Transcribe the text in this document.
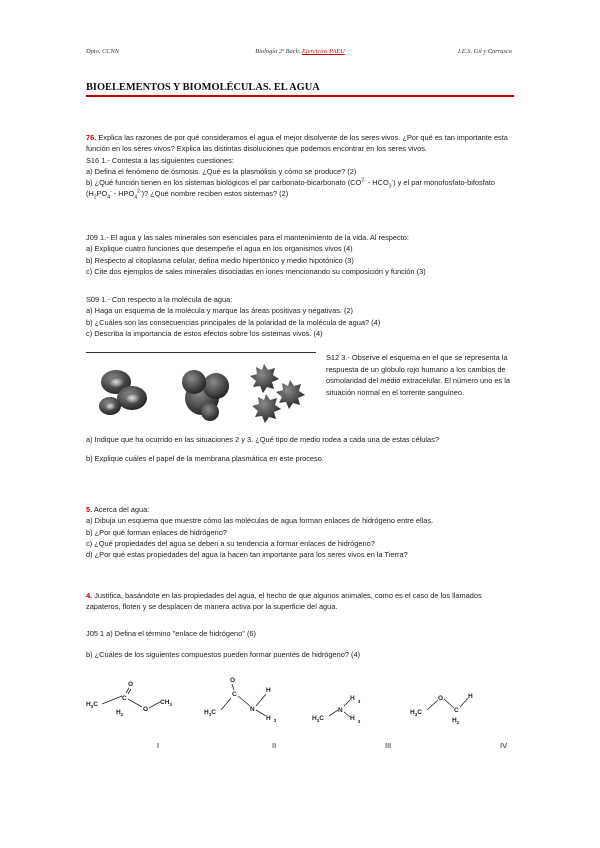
Dpto. CCNN	Biología 2º Bach. Ejercicios PAEU	I.E.S. Gil y Carrasco
BIOELEMENTOS Y BIOMOLÉCULAS. EL AGUA

76. Explica las razones de por qué consideramos el agua el mejor disolvente de los seres vivos. ¿Por qué es tan importante esta función en los seres vivos? Explica las distintas disoluciones que podemos encontrar en los seres vivos.

S16 1.- Contesta a las siguientes cuestiones:

a) Defina el fenómeno de ósmosis. ¿Qué es la plasmólisis y cómo se produce? (2)

b) ¿Qué función tienen en los sistemas biológicos el par carbonato-bicarbonato $(CO^{2-} - HCO_3^-)$ y el par monofosfato-bifosfato $(H_2PO_4^- - HPO_4^{2-})$? ¿Qué nombre reciben estos sistemas? (2)

J09 1.- El agua y las sales minerales son esenciales para el mantenimiento de la vida. Al respecto:

a) Explique cuatro funciones que desempeñe el agua en los organismos vivos (4)

b) Respecto al citoplasma celular, defina medio hipertónico y medio hipotónico (3)

c) Cite dos ejemplos de sales minerales disociadas en iones mencionando su composición y función (3)

S09 1.- Con respecto a la molécula de agua:

a) Haga un esquema de la molécula y marque las áreas positivas y negativas. (2)

b) ¿Cuáles son las consecuencias principales de la polaridad de la molécula de agua? (4)

c) Describa la importancia de estos efectos sobre los sistemas vivos. (4)

S12 3.- Observe el esquema en el que se representa la respuesta de un glóbulo rojo humano a los cambios de osmolaridad del medio extracelular. El número uno es la situación normal en el torrente sanguíneo.

a) Indique que ha ocurrido en las situaciones 2 y 3. ¿Qué tipo de medio rodea a cada una de estas células?

b) Explique cuáles el papel de la membrana plasmática en este proceso.

5. Acerca del agua:

a) Dibuja un esquema que muestre cómo las moléculas de agua forman enlaces de hidrógeno entre ellas.

b) ¿Por qué forman enlaces de hidrógeno?

c) ¿Qué propiedades del agua se deben a su tendencia a formar enlaces de hidrógeno?

d) ¿Por qué estas propiedades del agua la hacen tan importante para los seres vivos en la Tierra?

4. Justifica, basándote en las propiedades del agua, el hecho de que algunos animales, como es el caso de los llamados zapateros, floten y se desplacen de manera activa por la superficie del agua.

J05 1 a) Defina el término "enlace de hidrógeno" (6)

b) ¿Cuáles de los siguientes compuestos pueden formar puentes de hidrógeno? (4)

$H_3C$
C
O
O
$CH_3$
$H_2$
I
O
C
H
$H_3C$	N
H $_3$
II
$H_3C$
N
H $_3$
H $_3$
III
$H_3C$
O
C
H
$H_2$
IV
